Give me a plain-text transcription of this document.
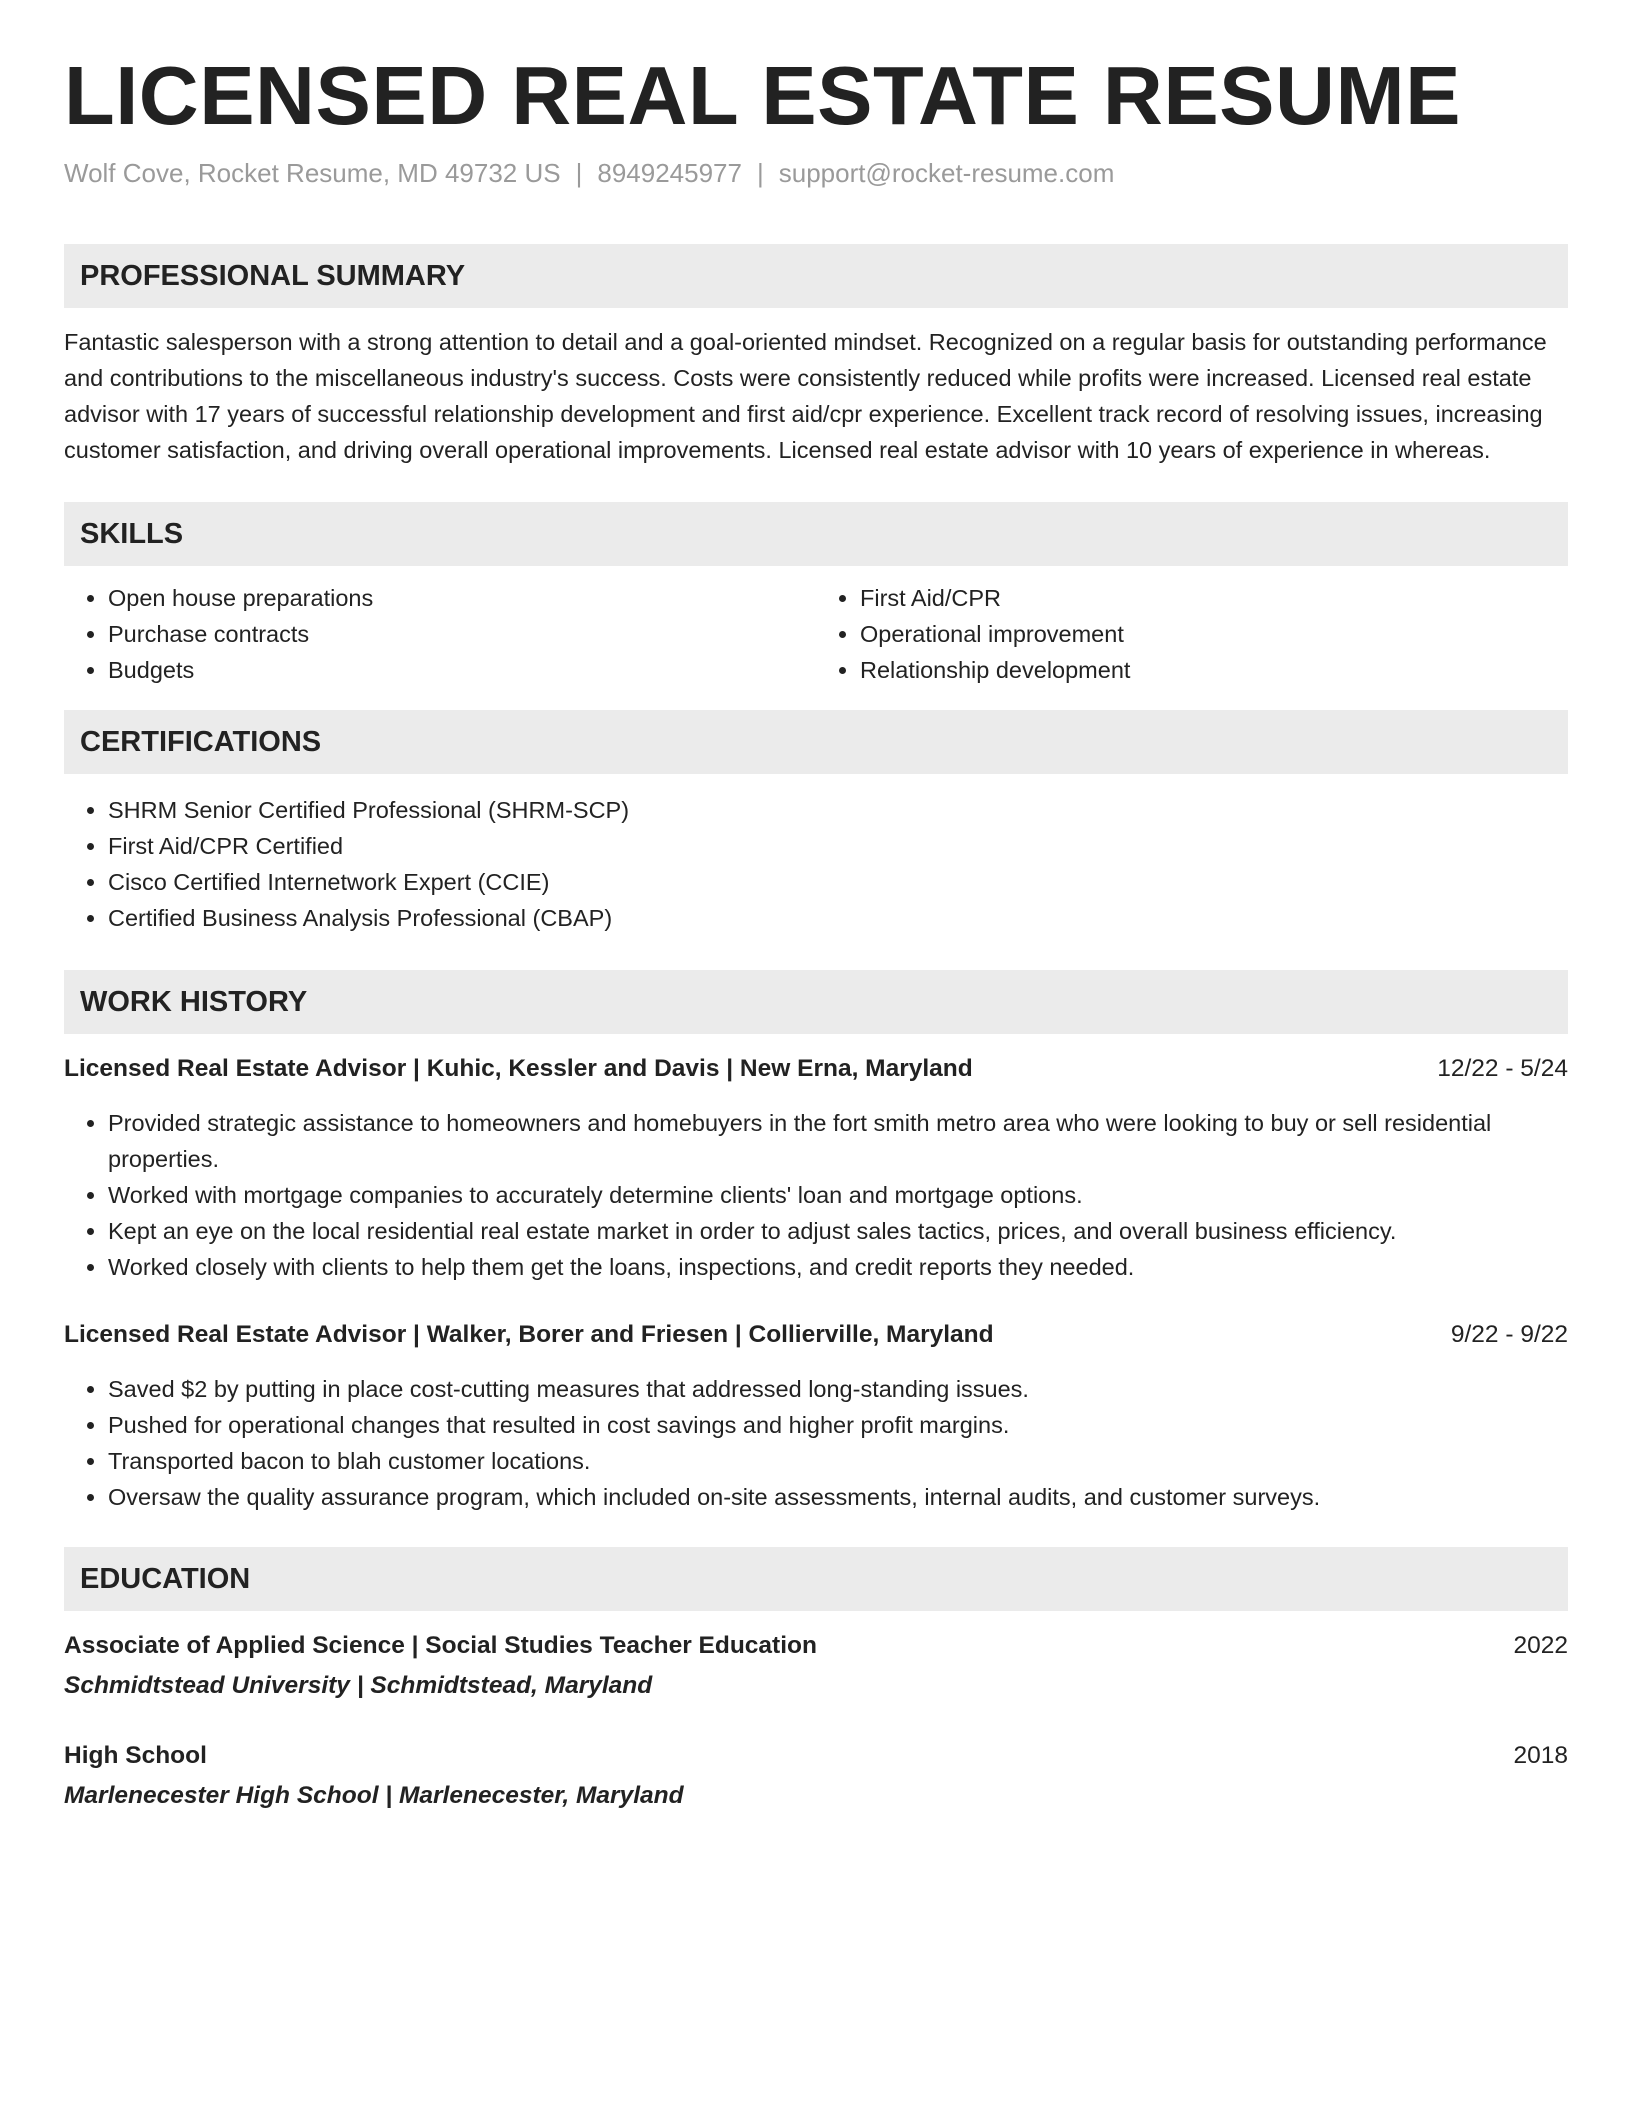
LICENSED REAL ESTATE RESUME
Wolf Cove, Rocket Resume, MD 49732 US | 8949245977 | support@rocket-resume.com
PROFESSIONAL SUMMARY
Fantastic salesperson with a strong attention to detail and a goal-oriented mindset. Recognized on a regular basis for outstanding performance and contributions to the miscellaneous industry's success. Costs were consistently reduced while profits were increased. Licensed real estate advisor with 17 years of successful relationship development and first aid/cpr experience. Excellent track record of resolving issues, increasing customer satisfaction, and driving overall operational improvements. Licensed real estate advisor with 10 years of experience in whereas.
SKILLS
• Open house preparations
• Purchase contracts
• Budgets
• First Aid/CPR
• Operational improvement
• Relationship development
CERTIFICATIONS
• SHRM Senior Certified Professional (SHRM-SCP)
• First Aid/CPR Certified
• Cisco Certified Internetwork Expert (CCIE)
• Certified Business Analysis Professional (CBAP)
WORK HISTORY
Licensed Real Estate Advisor | Kuhic, Kessler and Davis | New Erna, Maryland	12/22 - 5/24
• Provided strategic assistance to homeowners and homebuyers in the fort smith metro area who were looking to buy or sell residential properties.
• Worked with mortgage companies to accurately determine clients' loan and mortgage options.
• Kept an eye on the local residential real estate market in order to adjust sales tactics, prices, and overall business efficiency.
• Worked closely with clients to help them get the loans, inspections, and credit reports they needed.
Licensed Real Estate Advisor | Walker, Borer and Friesen | Collierville, Maryland	9/22 - 9/22
• Saved $2 by putting in place cost-cutting measures that addressed long-standing issues.
• Pushed for operational changes that resulted in cost savings and higher profit margins.
• Transported bacon to blah customer locations.
• Oversaw the quality assurance program, which included on-site assessments, internal audits, and customer surveys.
EDUCATION
Associate of Applied Science | Social Studies Teacher Education	2022
Schmidtstead University | Schmidtstead, Maryland
High School	2018
Marlenecester High School | Marlenecester, Maryland
